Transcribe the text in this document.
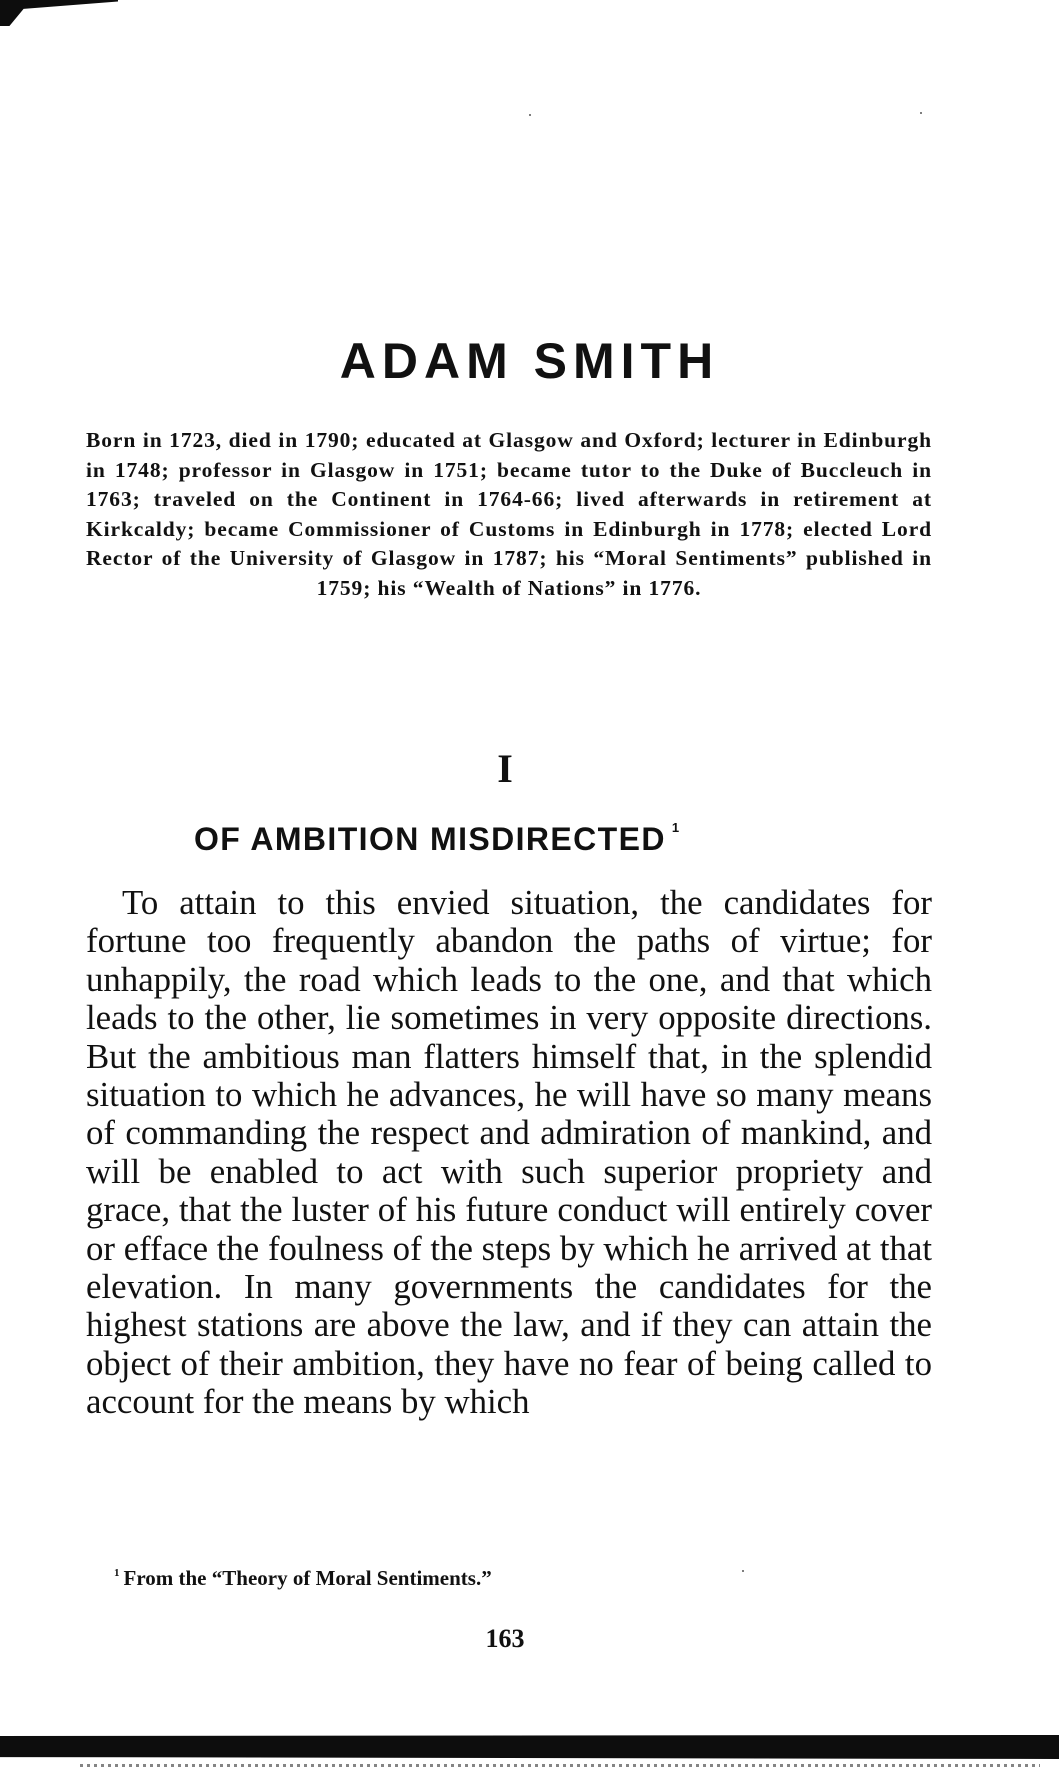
ADAM SMITH

Born in 1723, died in 1790; educated at Glasgow and Oxford; lecturer in Edinburgh in 1748; professor in Glasgow in 1751; became tutor to the Duke of Buccleuch in 1763; traveled on the Continent in 1764-66; lived afterwards in retirement at Kirkcaldy; became Commissioner of Customs in Edinburgh in 1778; elected Lord Rector of the University of Glasgow in 1787; his “Moral Sentiments” published in 1759; his “Wealth of Nations” in 1776.

I
OF AMBITION MISDIRECTED $^1$

To attain to this envied situation, the candidates for fortune too frequently abandon the paths of virtue; for unhappily, the road which leads to the one, and that which leads to the other, lie sometimes in very opposite directions. But the ambitious man flatters himself that, in the splendid situation to which he advances, he will have so many means of commanding the respect and admiration of mankind, and will be enabled to act with such superior propriety and grace, that the luster of his future conduct will entirely cover or efface the foulness of the steps by which he arrived at that elevation. In many governments the candidates for the highest stations are above the law, and if they can attain the object of their ambition, they have no fear of being called to account for the means by which

$^1$ From the “Theory of Moral Sentiments.”

163
